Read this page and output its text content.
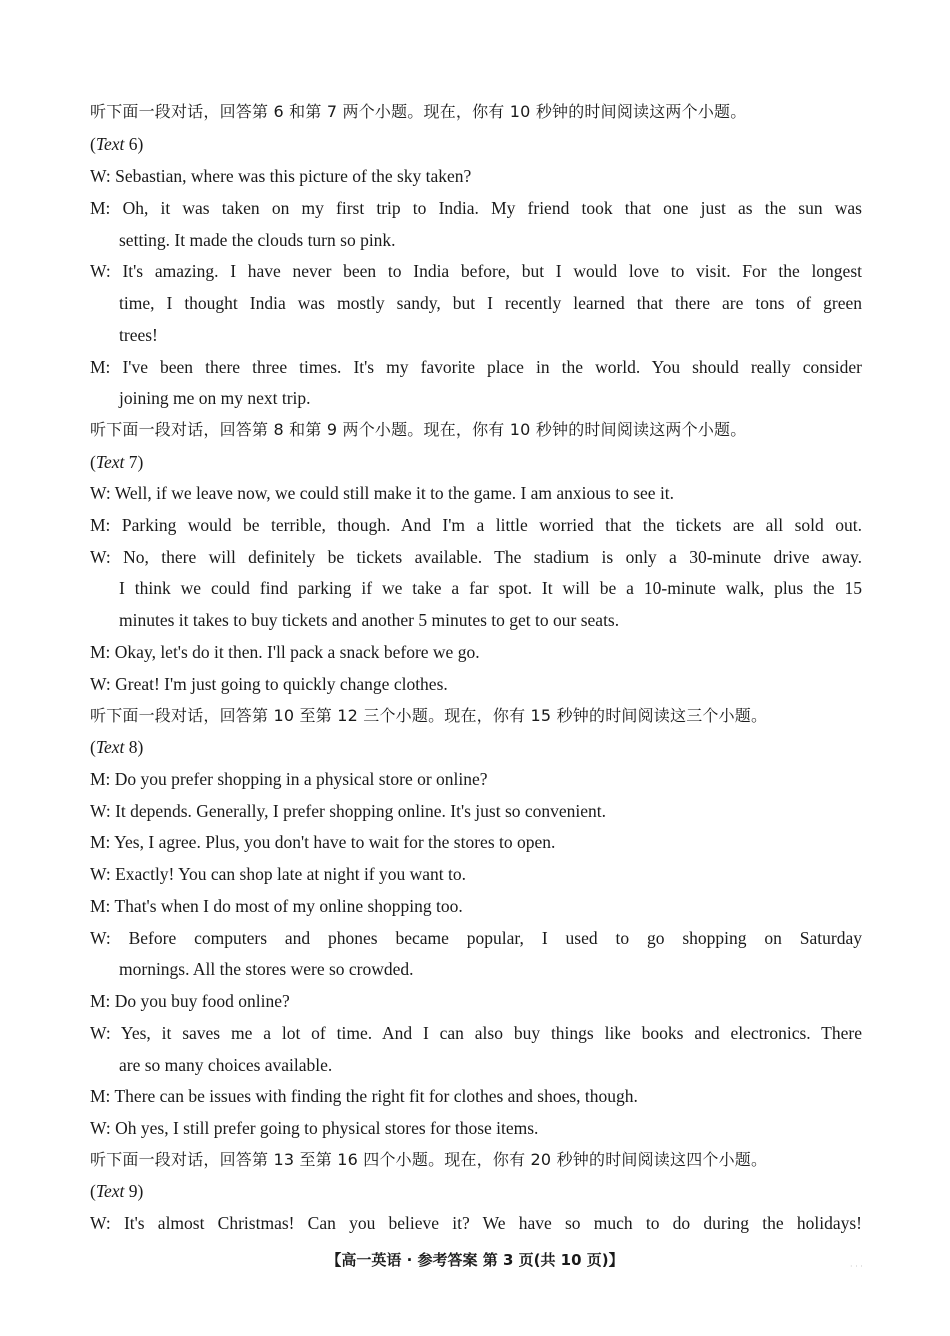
听下面一段对话，回答第 6 和第 7 两个小题。现在，你有 10 秒钟的时间阅读这两个小题。
(Text 6)
W: Sebastian, where was this picture of the sky taken?
M: Oh, it was taken on my first trip to India. My friend took that one just as the sun was
setting. It made the clouds turn so pink.
W: It's amazing. I have never been to India before, but I would love to visit. For the longest
time, I thought India was mostly sandy, but I recently learned that there are tons of green
trees!
M: I've been there three times. It's my favorite place in the world. You should really consider
joining me on my next trip.
听下面一段对话，回答第 8 和第 9 两个小题。现在，你有 10 秒钟的时间阅读这两个小题。
(Text 7)
W: Well, if we leave now, we could still make it to the game. I am anxious to see it.
M: Parking would be terrible, though. And I'm a little worried that the tickets are all sold out.
W: No, there will definitely be tickets available. The stadium is only a 30-minute drive away.
I think we could find parking if we take a far spot. It will be a 10-minute walk, plus the 15
minutes it takes to buy tickets and another 5 minutes to get to our seats.
M: Okay, let's do it then. I'll pack a snack before we go.
W: Great! I'm just going to quickly change clothes.
听下面一段对话，回答第 10 至第 12 三个小题。现在，你有 15 秒钟的时间阅读这三个小题。
(Text 8)
M: Do you prefer shopping in a physical store or online?
W: It depends. Generally, I prefer shopping online. It's just so convenient.
M: Yes, I agree. Plus, you don't have to wait for the stores to open.
W: Exactly! You can shop late at night if you want to.
M: That's when I do most of my online shopping too.
W: Before computers and phones became popular, I used to go shopping on Saturday
mornings. All the stores were so crowded.
M: Do you buy food online?
W: Yes, it saves me a lot of time. And I can also buy things like books and electronics. There
are so many choices available.
M: There can be issues with finding the right fit for clothes and shoes, though.
W: Oh yes, I still prefer going to physical stores for those items.
听下面一段对话，回答第 13 至第 16 四个小题。现在，你有 20 秒钟的时间阅读这四个小题。
(Text 9)
W: It's almost Christmas! Can you believe it? We have so much to do during the holidays!
【高一英语 · 参考答案 第 3 页(共 10 页)】	· · ·
